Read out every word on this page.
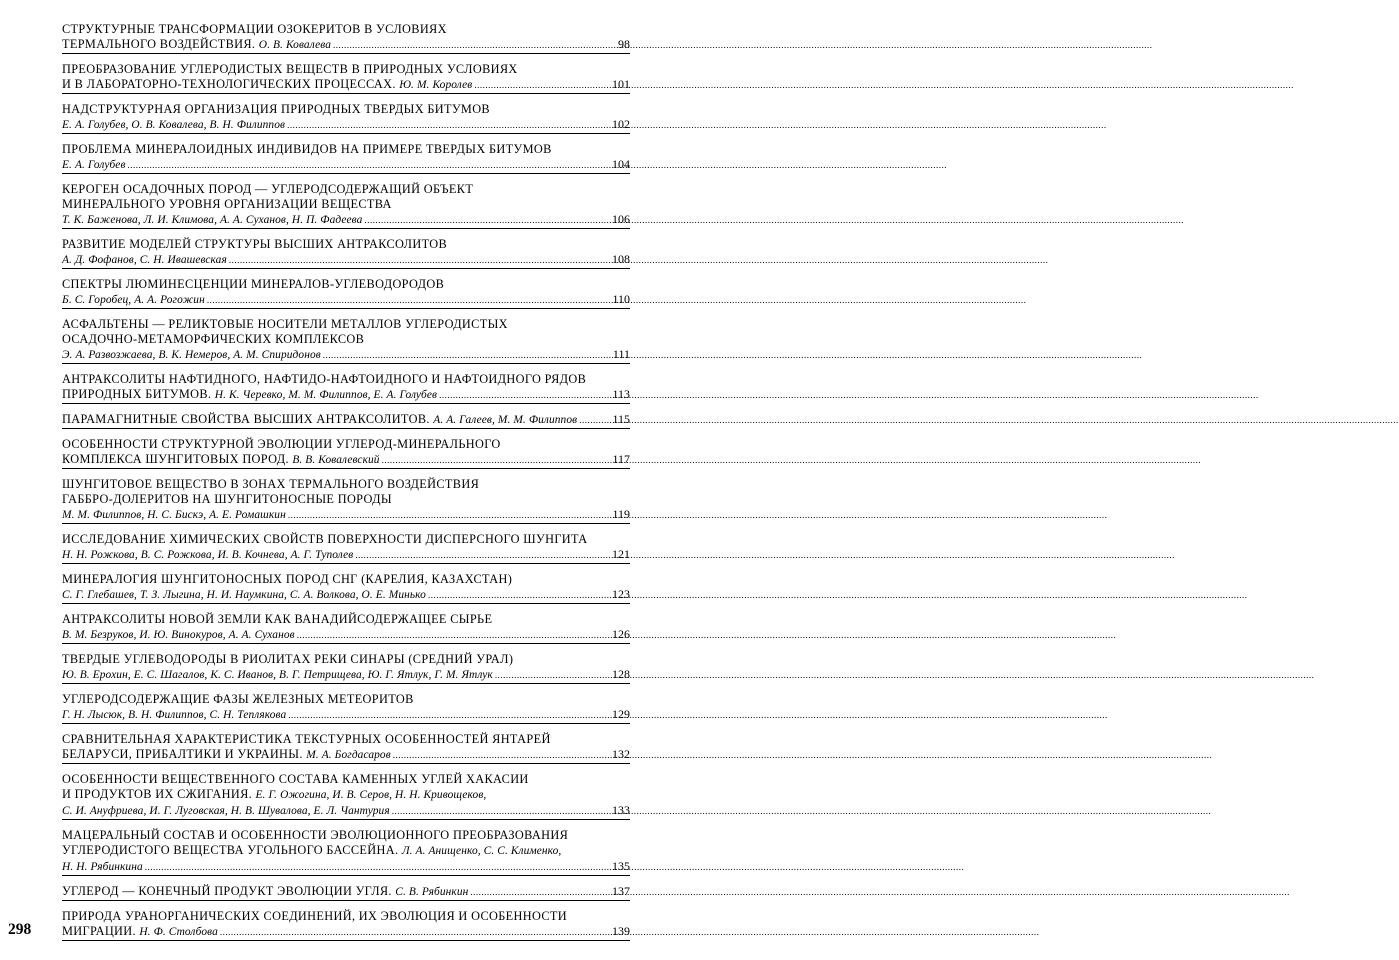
СТРУКТУРНЫЕ ТРАНСФОРМАЦИИ ОЗОКЕРИТОВ В УСЛОВИЯХ
ТЕРМАЛЬНОГО ВОЗДЕЙСТВИЯ. О. В. Ковалева .....	98
ПРЕОБРАЗОВАНИЕ УГЛЕРОДИСТЫХ ВЕЩЕСТВ В ПРИРОДНЫХ УСЛОВИЯХ
И В ЛАБОРАТОРНО-ТЕХНОЛОГИЧЕСКИХ ПРОЦЕССАХ. Ю. М. Королев .....	101
НАДСТРУКТУРНАЯ ОРГАНИЗАЦИЯ ПРИРОДНЫХ ТВЕРДЫХ БИТУМОВ
Е. А. Голубев, О. В. Ковалева, В. Н. Филиппов .....	102
ПРОБЛЕМА МИНЕРАЛОИДНЫХ ИНДИВИДОВ НА ПРИМЕРЕ ТВЕРДЫХ БИТУМОВ
Е. А. Голубев .....	104
КЕРОГЕН ОСАДОЧНЫХ ПОРОД — УГЛЕРОДСОДЕРЖАЩИЙ ОБЪЕКТ
МИНЕРАЛЬНОГО УРОВНЯ ОРГАНИЗАЦИИ ВЕЩЕСТВА
Т. К. Баженова, Л. И. Климова, А. А. Суханов, Н. П. Фадеева .....	106
РАЗВИТИЕ МОДЕЛЕЙ СТРУКТУРЫ ВЫСШИХ АНТРАКСОЛИТОВ
А. Д. Фофанов, С. Н. Ивашевская .....	108
СПЕКТРЫ ЛЮМИНЕСЦЕНЦИИ МИНЕРАЛОВ-УГЛЕВОДОРОДОВ
Б. С. Горобец, А. А. Рогожин .....	110
АСФАЛЬТЕНЫ — РЕЛИКТОВЫЕ НОСИТЕЛИ МЕТАЛЛОВ УГЛЕРОДИСТЫХ
ОСАДОЧНО-МЕТАМОРФИЧЕСКИХ КОМПЛЕКСОВ
Э. А. Развозжаева, В. К. Немеров, А. М. Спиридонов .....	111
АНТРАКСОЛИТЫ НАФТИДНОГО, НАФТИДО-НАФТОИДНОГО И НАФТОИДНОГО РЯДОВ
ПРИРОДНЫХ БИТУМОВ. Н. К. Черевко, М. М. Филиппов, Е. А. Голубев .....	113
ПАРАМАГНИТНЫЕ СВОЙСТВА ВЫСШИХ АНТРАКСОЛИТОВ. А. А. Галеев, М. М. Филиппов .....	115
ОСОБЕННОСТИ СТРУКТУРНОЙ ЭВОЛЮЦИИ УГЛЕРОД-МИНЕРАЛЬНОГО
КОМПЛЕКСА ШУНГИТОВЫХ ПОРОД. В. В. Ковалевский .....	117
ШУНГИТОВОЕ ВЕЩЕСТВО В ЗОНАХ ТЕРМАЛЬНОГО ВОЗДЕЙСТВИЯ
ГАББРО-ДОЛЕРИТОВ НА ШУНГИТОНОСНЫЕ ПОРОДЫ
М. М. Филиппов, Н. С. Бискэ, А. Е. Ромашкин .....	119
ИССЛЕДОВАНИЕ ХИМИЧЕСКИХ СВОЙСТВ ПОВЕРХНОСТИ ДИСПЕРСНОГО ШУНГИТА
Н. Н. Рожкова, В. С. Рожкова, И. В. Кочнева, А. Г. Туполев .....	121
МИНЕРАЛОГИЯ ШУНГИТОНОСНЫХ ПОРОД СНГ (КАРЕЛИЯ, КАЗАХСТАН)
С. Г. Глебашев, Т. З. Лыгина, Н. И. Наумкина, С. А. Волкова, О. Е. Минько .....	123
АНТРАКСОЛИТЫ НОВОЙ ЗЕМЛИ КАК ВАНАДИЙСОДЕРЖАЩЕЕ СЫРЬЕ
В. М. Безруков, И. Ю. Винокуров, А. А. Суханов .....	126
ТВЕРДЫЕ УГЛЕВОДОРОДЫ В РИОЛИТАХ РЕКИ СИНАРЫ (СРЕДНИЙ УРАЛ)
Ю. В. Ерохин, Е. С. Шагалов, К. С. Иванов, В. Г. Петрищева, Ю. Г. Ятлук, Г. М. Ятлук .....	128
УГЛЕРОДСОДЕРЖАЩИЕ ФАЗЫ ЖЕЛЕЗНЫХ МЕТЕОРИТОВ
Г. Н. Лысюк, В. Н. Филиппов, С. Н. Теплякова .....	129
СРАВНИТЕЛЬНАЯ ХАРАКТЕРИСТИКА ТЕКСТУРНЫХ ОСОБЕННОСТЕЙ ЯНТАРЕЙ
БЕЛАРУСИ, ПРИБАЛТИКИ И УКРАИНЫ. М. А. Богдасаров .....	132
ОСОБЕННОСТИ ВЕЩЕСТВЕННОГО СОСТАВА КАМЕННЫХ УГЛЕЙ ХАКАСИИ
И ПРОДУКТОВ ИХ СЖИГАНИЯ. Е. Г. Ожогина, И. В. Серов, Н. Н. Кривощеков,
С. И. Ануфриева, И. Г. Луговская, Н. В. Шувалова, Е. Л. Чантурия .....	133
МАЦЕРАЛЬНЫЙ СОСТАВ И ОСОБЕННОСТИ ЭВОЛЮЦИОННОГО ПРЕОБРАЗОВАНИЯ
УГЛЕРОДИСТОГО ВЕЩЕСТВА УГОЛЬНОГО БАССЕЙНА. Л. А. Анищенко, С. С. Клименко,
Н. Н. Рябинкина .....	135
УГЛЕРОД — КОНЕЧНЫЙ ПРОДУКТ ЭВОЛЮЦИИ УГЛЯ. С. В. Рябинкин .....	137
ПРИРОДА УРАНОРГАНИЧЕСКИХ СОЕДИНЕНИЙ, ИХ ЭВОЛЮЦИЯ И ОСОБЕННОСТИ
МИГРАЦИИ. Н. Ф. Столбова .....	139
298
